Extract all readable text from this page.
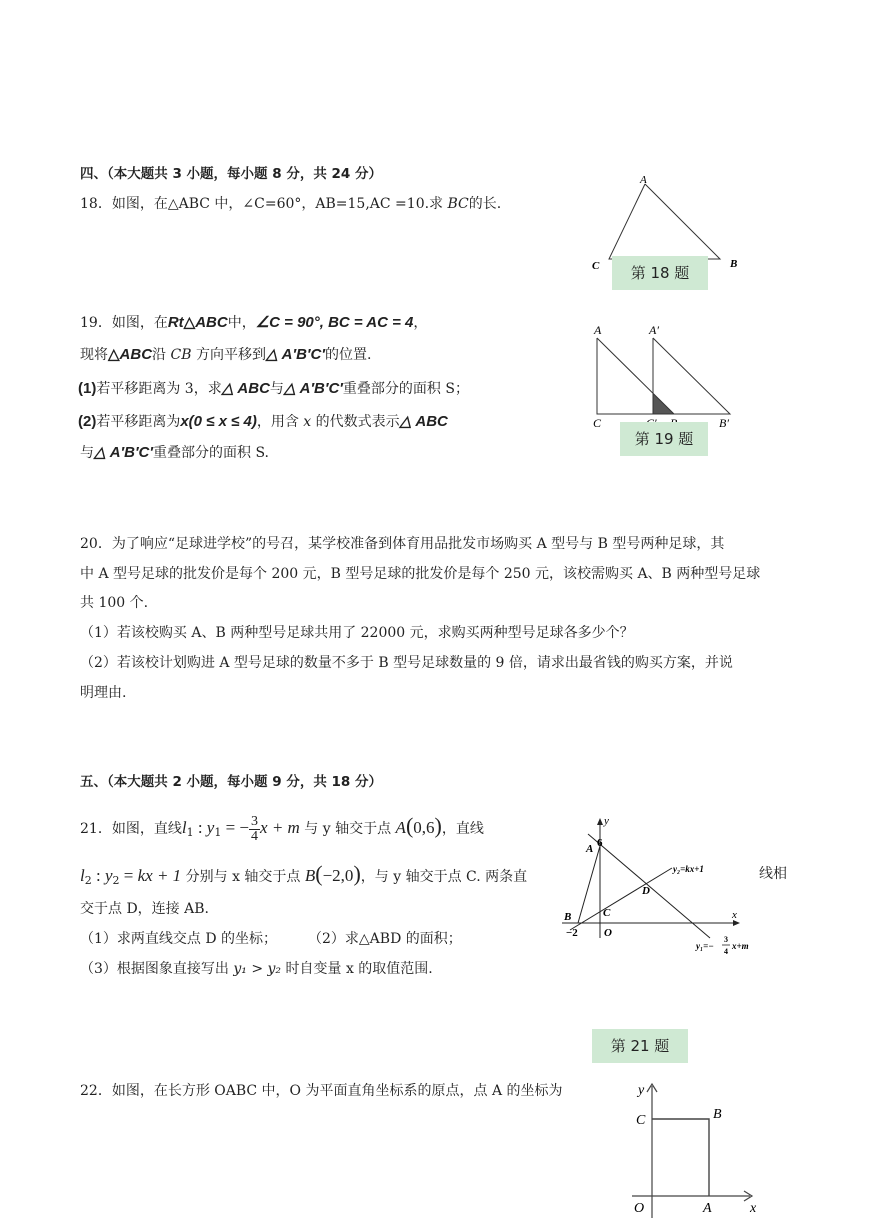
四、（本大题共 3 小题，每小题 8 分，共 24 分）
18．如图，在△ABC 中，∠C=60°，AB=15,AC =10.求 BC的长.
A
C	B
第 18 题
19．如图，在Rt△ABC中，∠C = 90°, BC = AC = 4，
现将△ABC沿 CB 方向平移到△ A′B′C′的位置.
(1)若平移距离为 3，求△ ABC与△ A′B′C′重叠部分的面积 S；
(2)若平移距离为x(0 ≤ x ≤ 4)，用含 x 的代数式表示△ ABC
与△ A′B′C′重叠部分的面积 S.
A	A′
C	B′
第 19 题
20．为了响应“足球进学校”的号召，某学校准备到体育用品批发市场购买 A 型号与 B 型号两种足球，其
中 A 型号足球的批发价是每个 200 元，B 型号足球的批发价是每个 250 元，该校需购买 A、B 两种型号足球
共 100 个.
（1）若该校购买 A、B 两种型号足球共用了 22000 元，求购买两种型号足球各多少个？
（2）若该校计划购进 A 型号足球的数量不多于 B 型号足球数量的 9 倍，请求出最省钱的购买方案，并说
明理由.
五、（本大题共 2 小题，每小题 9 分，共 18 分）
21．如图，直线$l_1$ : $y_1$ = − $\frac{3}{4}$ x + m 与 y 轴交于点 A(0,6)，直线
$l_2$ : $y_2$ = kx + 1 分别与 x 轴交于点 B(−2,0)，与 y 轴交于点 C. 两条直	线相
交于点 D，连接 AB.
（1）求两直线交点 D 的坐标； （2）求△ABD 的面积；
（3）根据图象直接写出 y₁ > y₂ 时自变量 x 的取值范围.
y
x
6
A
B	C
D
O
−2
y₂=kx+1
y₁=−
3
4
x+m
第 21 题
22．如图，在长方形 OABC 中，O 为平面直角坐标系的原点，点 A 的坐标为	y
x
C	B
O	A
